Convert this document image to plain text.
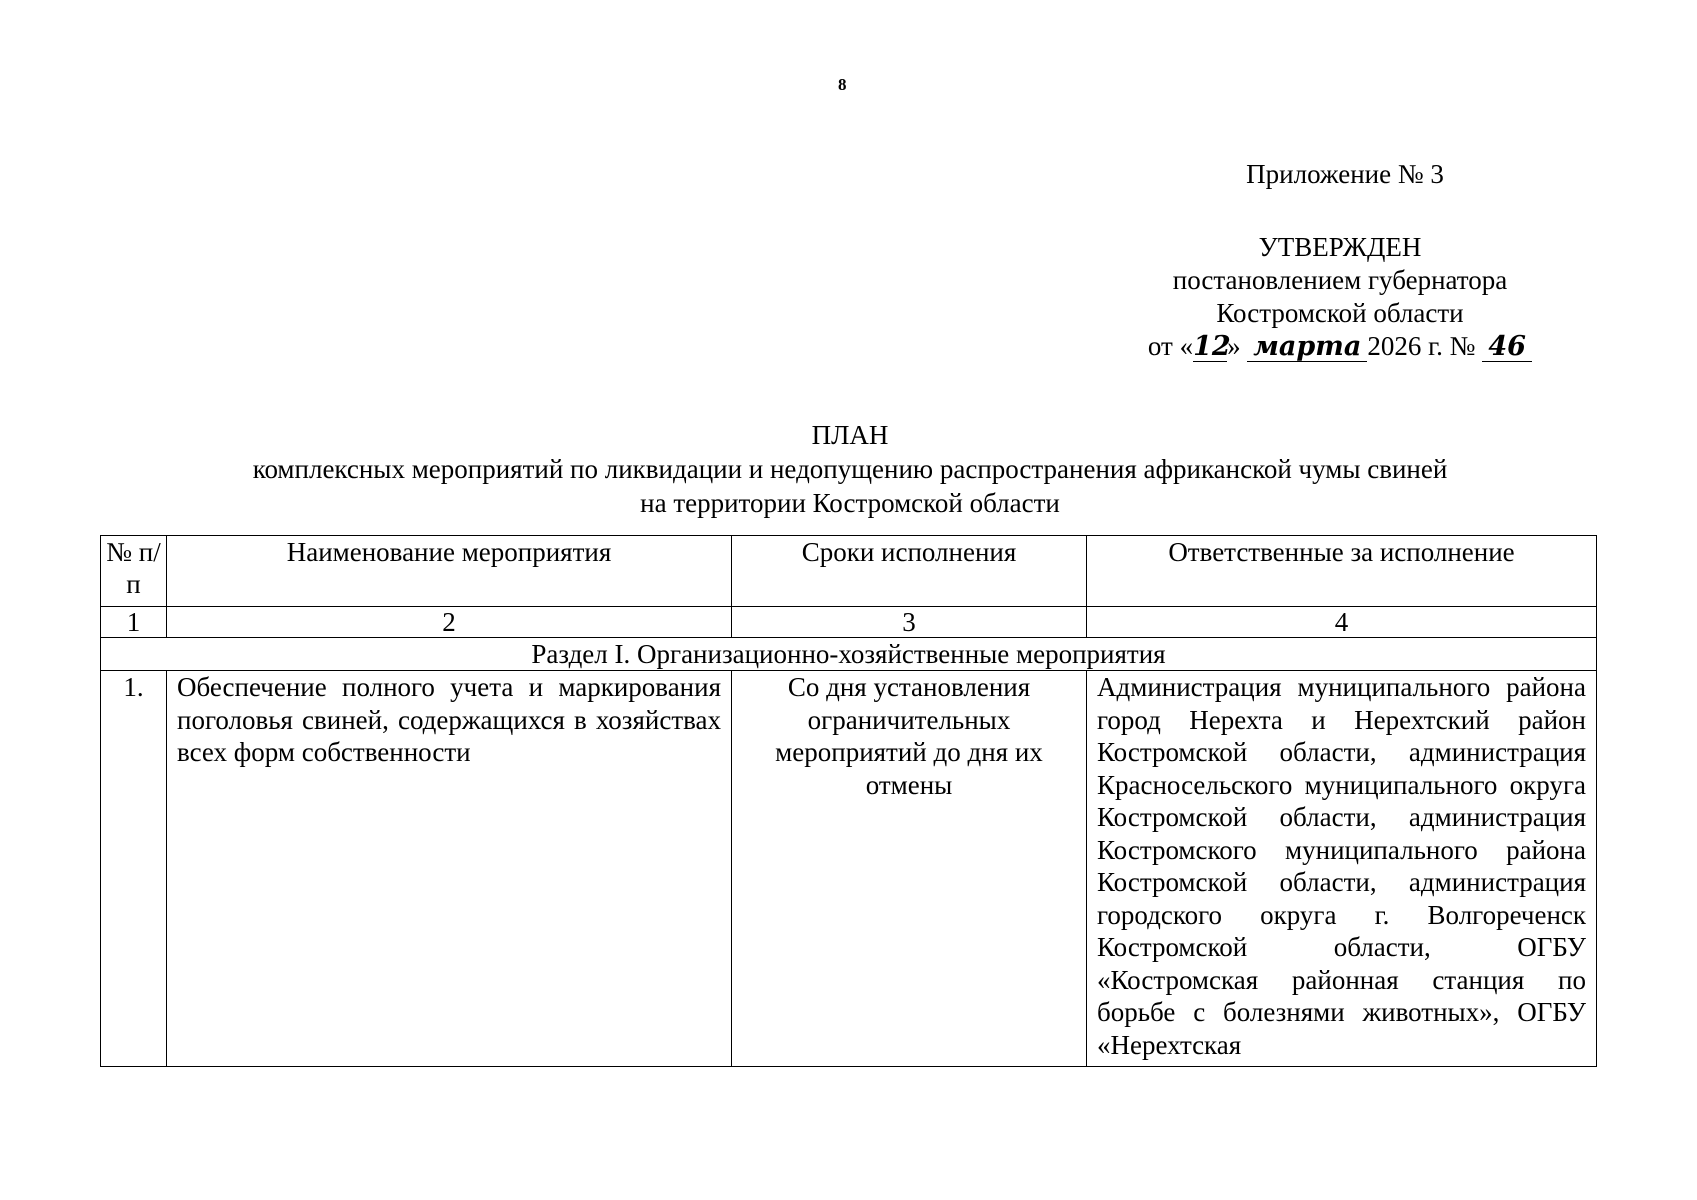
8
Приложение № 3
УТВЕРЖДЕН
постановлением губернатора
Костромской области
от «12» марта 2026 г. № 46
ПЛАН
комплексных мероприятий по ликвидации и недопущению распространения африканской чумы свиней
на территории Костромской области
№ п/п	Наименование мероприятия	Сроки исполнения	Ответственные за исполнение
1	2	3	4
Раздел I. Организационно-хозяйственные мероприятия			
1.	Обеспечение полного учета и маркирования поголовья свиней, содержащихся в хозяйствах всех форм собственности	Со дня установления ограничительных мероприятий до дня их отмены	Администрация муниципального района город Нерехта и Нерехтский район Костромской области, администрация Красносельского муниципального округа Костромской области, администрация Костромского муниципального района Костромской области, администрация городского округа г. Волгореченск Костромской области, ОГБУ «Костромская районная станция по борьбе с болезнями животных», ОГБУ «Нерехтская
